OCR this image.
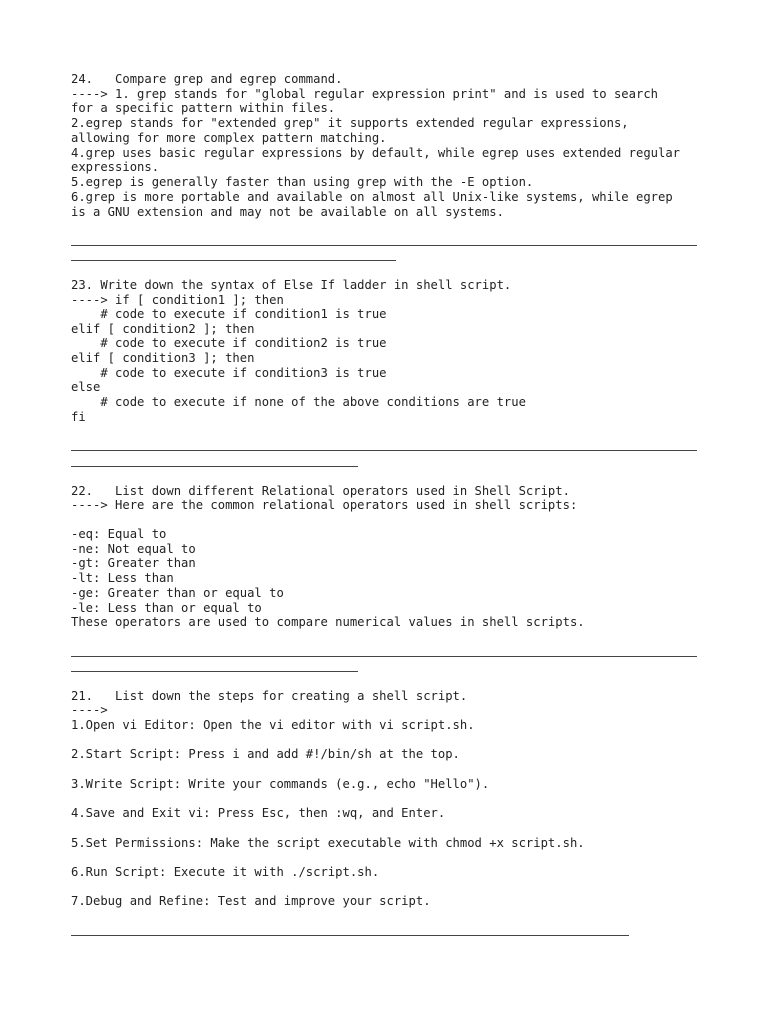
24.   Compare grep and egrep command.
----> 1. grep stands for "global regular expression print" and is used to search
for a specific pattern within files.
2.egrep stands for "extended grep" it supports extended regular expressions,
allowing for more complex pattern matching.
4.grep uses basic regular expressions by default, while egrep uses extended regular
expressions.
5.egrep is generally faster than using grep with the -E option.
6.grep is more portable and available on almost all Unix-like systems, while egrep
is a GNU extension and may not be available on all systems.
23. Write down the syntax of Else If ladder in shell script.
----> if [ condition1 ]; then
# code to execute if condition1 is true
elif [ condition2 ]; then
# code to execute if condition2 is true
elif [ condition3 ]; then
# code to execute if condition3 is true
else
# code to execute if none of the above conditions are true
fi
22.   List down different Relational operators used in Shell Script.
----> Here are the common relational operators used in shell scripts:
-eq: Equal to
-ne: Not equal to
-gt: Greater than
-lt: Less than
-ge: Greater than or equal to
-le: Less than or equal to
These operators are used to compare numerical values in shell scripts.
21.   List down the steps for creating a shell script.
---->
1.Open vi Editor: Open the vi editor with vi script.sh.
2.Start Script: Press i and add #!/bin/sh at the top.
3.Write Script: Write your commands (e.g., echo "Hello").
4.Save and Exit vi: Press Esc, then :wq, and Enter.
5.Set Permissions: Make the script executable with chmod +x script.sh.
6.Run Script: Execute it with ./script.sh.
7.Debug and Refine: Test and improve your script.
